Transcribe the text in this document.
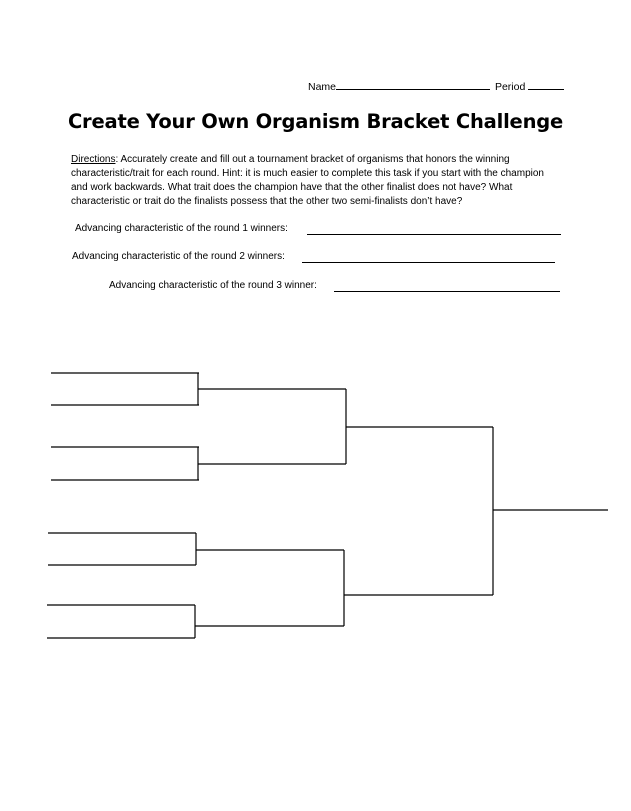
Name	Period
Create Your Own Organism Bracket Challenge
Directions: Accurately create and fill out a tournament bracket of organisms that honors the winning characteristic/trait for each round. Hint: it is much easier to complete this task if you start with the champion and work backwards. What trait does the champion have that the other finalist does not have? What characteristic or trait do the finalists possess that the other two semi-finalists don’t have?
Advancing characteristic of the round 1 winners:
Advancing characteristic of the round 2 winners:
Advancing characteristic of the round 3 winner:
